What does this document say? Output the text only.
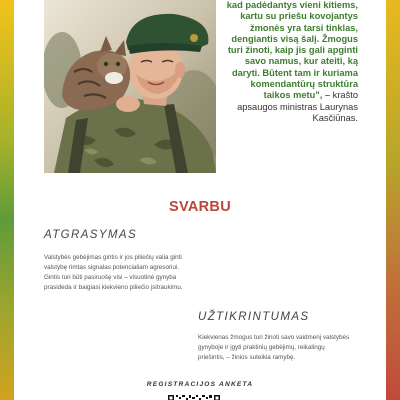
kad padėdantys vieni kitiems, kartu su priešu kovojantys žmonės yra tarsi tinklas, dengiantis visą šalį. Žmogus turi žinoti, kaip jis gali apginti savo namus, kur ateiti, ką daryti. Būtent tam ir kuriama komendantūrų struktūra taikos metu", – krašto apsaugos ministras Laurynas Kasčiūnas.
SVARBU
ATGRASYMAS
Valstybės gebėjimas gintis ir jos piliečių valia ginti valstybę rimtas signalas potencialiam agresoriui. Gintis turi būti pasiruošę visi – visuotinė gynyba prasideda ir baigiasi kiekvieno piliečio įsitraukimu.
UŽTIKRINTUMAS
Kiekvienas žmogus turi žinoti savo vaidmenį valstybės gynyboje ir įgyti praktinių gebėjimų, reikalingų priešintis, – žinios suteikia ramybę.
REGISTRACIJOS ANKETA
